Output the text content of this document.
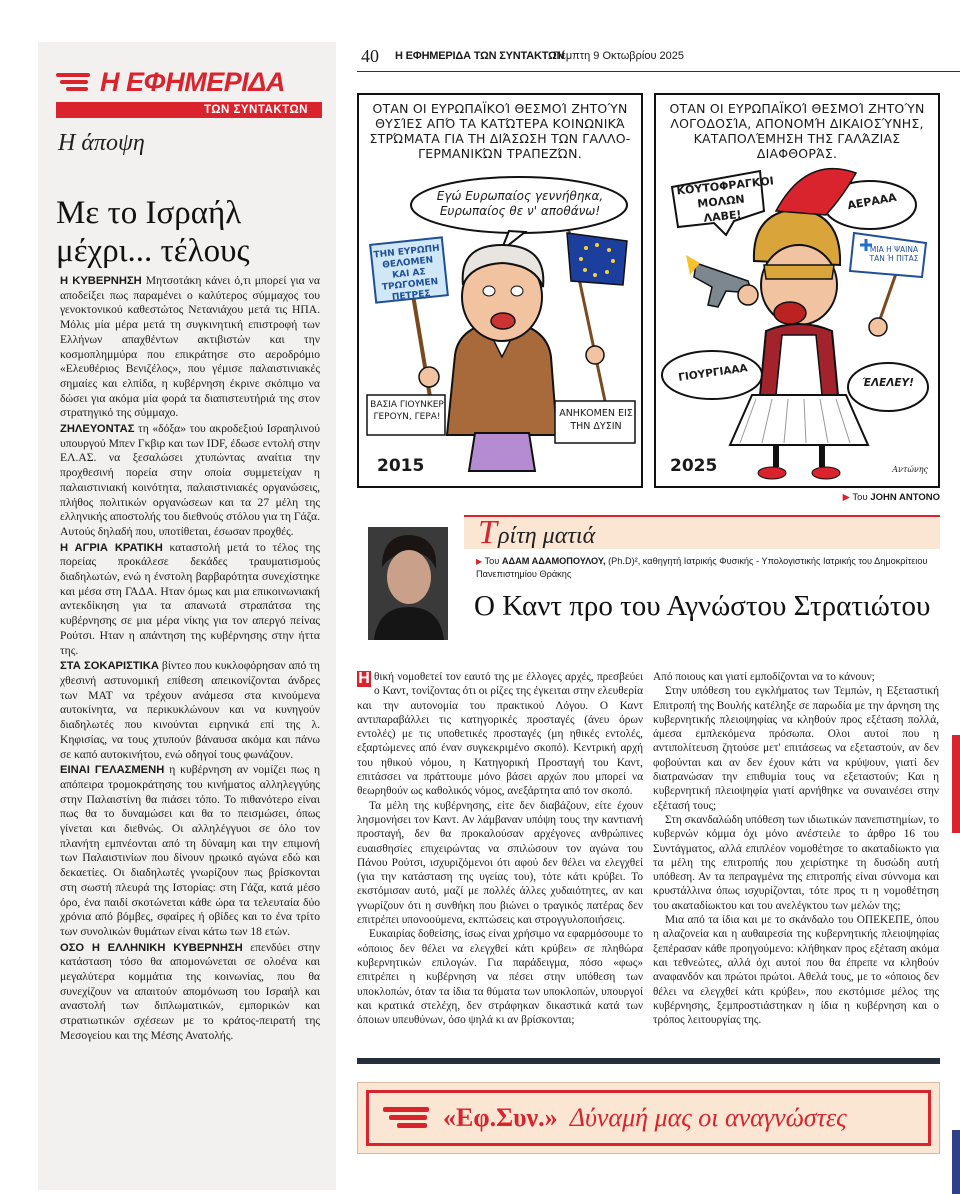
Η ΕΦΗΜΕΡΙΔΑ
ΤΩΝ ΣΥΝΤΑΚΤΩΝ
Η άποψη
Με το Ισραήλ μέχρι... τέλους

Η ΚΥΒΕΡΝΗΣΗ Μητσοτάκη κάνει ό,τι μπορεί για να αποδείξει πως παραμένει ο καλύτερος σύμμαχος του γενοκτονικού καθεστώτος Νετανιάχου μετά τις ΗΠΑ. Μόλις μία μέρα μετά τη συγκινητική επιστροφή των Ελλήνων απαχθέντων ακτιβιστών και την κοσμοπλημμύρα που επικράτησε στο αεροδρόμιο «Ελευθέριος Βενιζέλος», που γέμισε παλαιστινιακές σημαίες και ελπίδα, η κυβέρνηση έκρινε σκόπιμο να δώσει για ακόμα μία φορά τα διαπιστευτήριά της στον στρατηγικό της σύμμαχο.

ΖΗΛΕΥΟΝΤΑΣ τη «δόξα» του ακροδεξιού Ισραηλινού υπουργού Μπεν Γκβιρ και των IDF, έδωσε εντολή στην ΕΛ.ΑΣ. να ξεσαλώσει χτυπώντας αναίτια την προχθεσινή πορεία στην οποία συμμετείχαν η παλαιστινιακή κοινότητα, παλαιστινιακές οργανώσεις, πλήθος πολιτικών οργανώσεων και τα 27 μέλη της ελληνικής αποστολής του διεθνούς στόλου για τη Γάζα. Αυτούς δηλαδή που, υποτίθεται, έσωσαν προχθές.

Η ΑΓΡΙΑ ΚΡΑΤΙΚΗ καταστολή μετά το τέλος της πορείας προκάλεσε δεκάδες τραυματισμούς διαδηλωτών, ενώ η ένστολη βαρβαρότητα συνεχίστηκε και μέσα στη ΓΑΔΑ. Ηταν όμως και μια επικοινωνιακή αντεκδίκηση για τα απανωτά στραπάτσα της κυβέρνησης σε μια μέρα νίκης για τον απεργό πείνας Ρούτσι. Ηταν η απάντηση της κυβέρνησης στην ήττα της.

ΣΤΑ ΣΟΚΑΡΙΣΤΙΚΑ βίντεο που κυκλοφόρησαν από τη χθεσινή αστυνομική επίθεση απεικονίζονται άνδρες των ΜΑΤ να τρέχουν ανάμεσα στα κινούμενα αυτοκίνητα, να περικυκλώνουν και να κυνηγούν διαδηλωτές που κινούνται ειρηνικά επί της λ. Κηφισίας, να τους χτυπούν βάναυσα ακόμα και πάνω σε καπό αυτοκινήτου, ενώ οδηγοί τους φωνάζουν.

ΕΙΝΑΙ ΓΕΛΑΣΜΕΝΗ η κυβέρνηση αν νομίζει πως η απόπειρα τρομοκράτησης του κινήματος αλληλεγγύης στην Παλαιστίνη θα πιάσει τόπο. Το πιθανότερο είναι πως θα το δυναμώσει και θα το πεισμώσει, όπως γίνεται και διεθνώς. Οι αλληλέγγυοι σε όλο τον πλανήτη εμπνέονται από τη δύναμη και την επιμονή των Παλαιστινίων που δίνουν ηρωικό αγώνα εδώ και δεκαετίες. Οι διαδηλωτές γνωρίζουν πως βρίσκονται στη σωστή πλευρά της Ιστορίας: στη Γάζα, κατά μέσο όρο, ένα παιδί σκοτώνεται κάθε ώρα τα τελευταία δύο χρόνια από βόμβες, σφαίρες ή οβίδες και το ένα τρίτο των συνολικών θυμάτων είναι κάτω των 18 ετών.

ΟΣΟ Η ΕΛΛΗΝΙΚΗ ΚΥΒΕΡΝΗΣΗ επενδύει στην κατάσταση τόσο θα απομονώνεται σε ολοένα και μεγαλύτερα κομμάτια της κοινωνίας, που θα συνεχίζουν να απαιτούν απομόνωση του Ισραήλ και αναστολή των διπλωματικών, εμπορικών και στρατιωτικών σχέσεων με το κράτος-πειρατή της Μεσογείου και της Μέσης Ανατολής.

40 Η ΕΦΗΜΕΡΙΔΑ ΤΩΝ ΣΥΝΤΑΚΤΩΝ
Πέμπτη 9 Οκτωβρίου 2025
ΟΤΑΝ ΟΙ ΕΥΡΩΠΑΪΚΟΊ ΘΕΣΜΟΊ ΖΗΤΟΎΝ ΘΥΣΊΕΣ ΑΠΌ ΤΑ ΚΑΤΏΤΕΡΑ ΚΟΙΝΩΝΙΚΆ ΣΤΡΏΜΑΤΑ ΓΙΑ ΤΗ ΔΙΆΣΩΣΗ ΤΩΝ ΓΑΛΛΟ-ΓΕΡΜΑΝΙΚΏΝ ΤΡΑΠΕΖΏΝ.
Εγώ Ευρωπαίος γεννήθηκα, Ευρωπαίος θε ν' αποθάνω!
ΤΗΝ ΕΥΡΩΠΗ ΘΕΛΟΜΕΝ ΚΑΙ ΑΣ ΤΡΩΓΟΜΕΝ ΠΕΤΡΕΣ
ΒΑΣΙΑ ΓΙΟΥΝΚΕΡ ΓΕΡΟΥΝ, ΓΕΡΑ!	ΑΝΗΚΟΜΕΝ ΕΙΣ ΤΗΝ ΔΥΣΙΝ
2015
ΟΤΑΝ ΟΙ ΕΥΡΩΠΑΪΚΟΊ ΘΕΣΜΟΊ ΖΗΤΟΎΝ ΛΟΓΟΔΟΣΊΑ, ΑΠΟΝΟΜΉ ΔΙΚΑΙΟΣΎΝΗΣ, ΚΑΤΑΠΟΛΈΜΗΣΗ ΤΗΣ ΓΑΛΆΖΙΑΣ ΔΙΑΦΘΟΡΆΣ.
ΚΟΥΤΟΦΡΑΓΚΟΙ ΜΟΛΩΝ ΛΑΒΕ!
ΑΕΡΑΑΑ
ΜΙΑ Η ΨΑΙΝΑ ΤΑΝ Ή ΠΙΤΑΣ
ΓΙΟΥΡΓΙΑΑΑ	ΈΛΕΛΕΥ!
2025	Αντώνης
▶ Του JOHN ANTONO
Τ ρίτη ματιά
▶ Του ΑΔΑΜ ΑΔΑΜΟΠΟΥΛΟΥ, (Ph.D)², καθηγητή Ιατρικής Φυσικής - Υπολογιστικής Ιατρικής του Δημοκρίτειου Πανεπιστημίου Θράκης
Ο Καντ προ του Αγνώστου Στρατιώτου

Η θική νομοθετεί τον εαυτό της με έλλογες αρχές, πρεσβεύει ο Καντ, τονίζοντας ότι οι ρίζες της έγκειται στην ελευθερία και την αυτονομία του πρακτικού Λόγου. Ο Καντ αντιπαραβάλλει τις κατηγορικές προσταγές (άνευ όρων εντολές) με τις υποθετικές προσταγές (μη ηθικές εντολές, εξαρτώμενες από έναν συγκεκριμένο σκοπό). Κεντρική αρχή του ηθικού νόμου, η Κατηγορική Προσταγή του Καντ, επιτάσσει να πράττουμε μόνο βάσει αρχών που μπορεί να θεωρηθούν ως καθολικός νόμος, ανεξάρτητα από τον σκοπό.

Τα μέλη της κυβέρνησης, είτε δεν διαβάζουν, είτε έχουν λησμονήσει τον Καντ. Αν λάμβαναν υπόψη τους την καντιανή προσταγή, δεν θα προκαλούσαν αρχέγονες ανθρώπινες ευαισθησίες επιχειρώντας να σπιλώσουν τον αγώνα του Πάνου Ρούτσι, ισχυριζόμενοι ότι αφού δεν θέλει να ελεγχθεί (για την κατάσταση της υγείας του), τότε κάτι κρύβει. Το εκστόμισαν αυτό, μαζί με πολλές άλλες χυδαιότητες, αν και γνωρίζουν ότι η συνθήκη που βιώνει ο τραγικός πατέρας δεν επιτρέπει υπονοούμενα, εκπτώσεις και στρογγυλοποιήσεις.

Ευκαιρίας δοθείσης, ίσως είναι χρήσιμο να εφαρμόσουμε το «όποιος δεν θέλει να ελεγχθεί κάτι κρύβει» σε πληθώρα κυβερνητικών επιλογών. Για παράδειγμα, πόσο «φως» επιτρέπει η κυβέρνηση να πέσει στην υπόθεση των υποκλοπών, όταν τα ίδια τα θύματα των υποκλοπών, υπουργοί και κρατικά στελέχη, δεν στράφηκαν δικαστικά κατά των όποιων υπευθύνων, όσο ψηλά κι αν βρίσκονται;

Από ποιους και γιατί εμποδίζονται να το κάνουν;

Στην υπόθεση του εγκλήματος των Τεμπών, η Εξεταστική Επιτροπή της Βουλής κατέληξε σε παρωδία με την άρνηση της κυβερνητικής πλειοψηφίας να κληθούν προς εξέταση πολλά, άμεσα εμπλεκόμενα πρόσωπα. Ολοι αυτοί που η αντιπολίτευση ζητούσε μετ' επιτάσεως να εξεταστούν, αν δεν φοβούνται και αν δεν έχουν κάτι να κρύψουν, γιατί δεν διατρανώσαν την επιθυμία τους να εξεταστούν; Και η κυβερνητική πλειοψηφία γιατί αρνήθηκε να συναινέσει στην εξέτασή τους;

Στη σκανδαλώδη υπόθεση των ιδιωτικών πανεπιστημίων, το κυβερνών κόμμα όχι μόνο ανέστειλε το άρθρο 16 του Συντάγματος, αλλά επιπλέον νομοθέτησε το ακαταδίωκτο για τα μέλη της επιτροπής που χειρίστηκε τη δυσώδη αυτή υπόθεση. Αν τα πεπραγμένα της επιτροπής είναι σύννομα και κρυστάλλινα όπως ισχυρίζονται, τότε προς τι η νομοθέτηση του ακαταδίωκτου και του ανελέγκτου των μελών της;

Μια από τα ίδια και με το σκάνδαλο του ΟΠΕΚΕΠΕ, όπου η αλαζονεία και η αυθαιρεσία της κυβερνητικής πλειοψηφίας ξεπέρασαν κάθε προηγούμενο: κλήθηκαν προς εξέταση ακόμα και τεθνεώτες, αλλά όχι αυτοί που θα έπρεπε να κληθούν αναφανδόν και πρώτοι πρώτοι. Αθελά τους, με το «όποιος δεν θέλει να ελεγχθεί κάτι κρύβει», που εκστόμισε μέλος της κυβέρνησης, ξεμπροστιάστηκαν η ίδια η κυβέρνηση και ο τρόπος λειτουργίας της.

«Εφ.Συν.» Δύναμή μας οι αναγνώστες
